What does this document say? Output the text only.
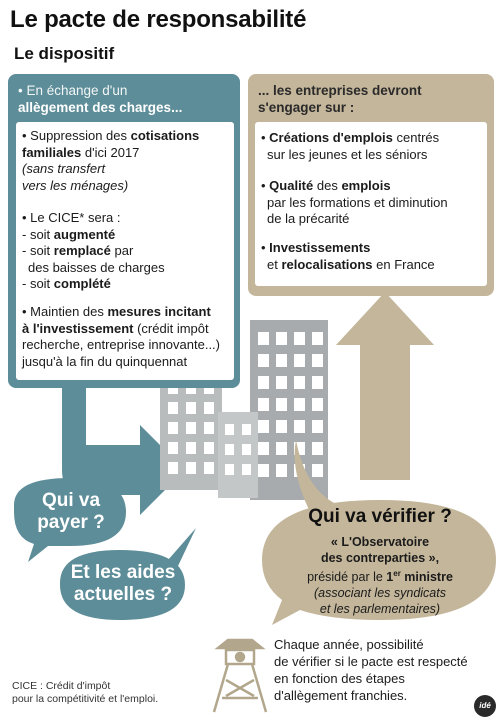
Le pacte de responsabilité
Le dispositif
• En échange d'un
allègement des charges...
• Suppression des cotisations
familiales d'ici 2017
(sans transfert
vers les ménages)
• Le CICE* sera :
- soit augmenté
- soit remplacé par
des baisses de charges
- soit complété
• Maintien des mesures incitant
à l'investissement (crédit impôt
recherche, entreprise innovante...)
jusqu'à la fin du quinquennat
... les entreprises devront
s'engager sur :
• Créations d'emplois centrés
sur les jeunes et les séniors
• Qualité des emplois
par les formations et diminution
de la précarité
• Investissements
et relocalisations en France
Qui va
payer ?
Et les aides
actuelles ?
Qui va vérifier ?
« L'Observatoire
des contreparties »,
présidé par le 1er ministre
(associant les syndicats
et les parlementaires)
Chaque année, possibilité
de vérifier si le pacte est respecté
en fonction des étapes
d'allègement franchies.
CICE : Crédit d'impôt
pour la compétitivité et l'emploi.
idé
